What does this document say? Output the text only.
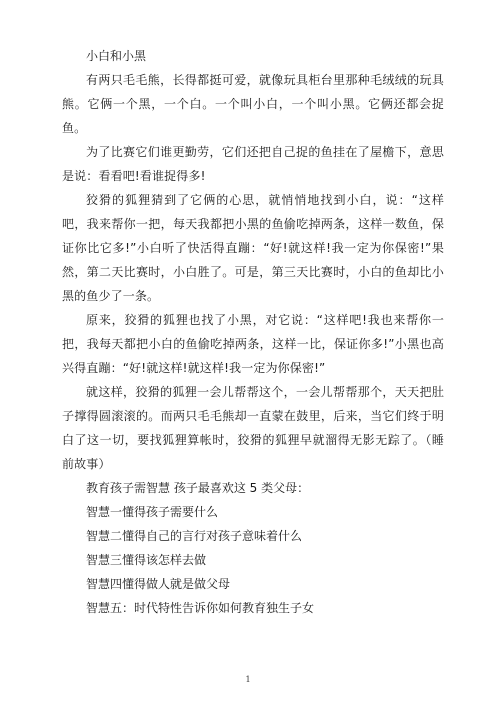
小白和小黑

有两只毛毛熊，长得都挺可爱，就像玩具柜台里那种毛绒绒的玩具熊。它俩一个黑，一个白。一个叫小白，一个叫小黑。它俩还都会捉鱼。

为了比赛它们谁更勤劳，它们还把自己捉的鱼挂在了屋檐下，意思是说：看看吧!看谁捉得多!

狡猾的狐狸猜到了它俩的心思，就悄悄地找到小白，说：“这样吧，我来帮你一把，每天我都把小黑的鱼偷吃掉两条，这样一数鱼，保证你比它多!”小白听了快活得直蹦：“好!就这样!我一定为你保密!”果然，第二天比赛时，小白胜了。可是，第三天比赛时，小白的鱼却比小黑的鱼少了一条。

原来，狡猾的狐狸也找了小黑，对它说：“这样吧!我也来帮你一把，我每天都把小白的鱼偷吃掉两条，这样一比，保证你多!”小黑也高兴得直蹦：“好!就这样!就这样!我一定为你保密!”

就这样，狡猾的狐狸一会儿帮帮这个，一会儿帮帮那个，天天把肚子撑得圆滚滚的。而两只毛毛熊却一直蒙在鼓里，后来，当它们终于明白了这一切，要找狐狸算帐时，狡猾的狐狸早就溜得无影无踪了。（睡前故事）

教育孩子需智慧 孩子最喜欢这 5 类父母：

智慧一懂得孩子需要什么

智慧二懂得自己的言行对孩子意味着什么

智慧三懂得该怎样去做

智慧四懂得做人就是做父母

智慧五：时代特性告诉你如何教育独生子女

1
